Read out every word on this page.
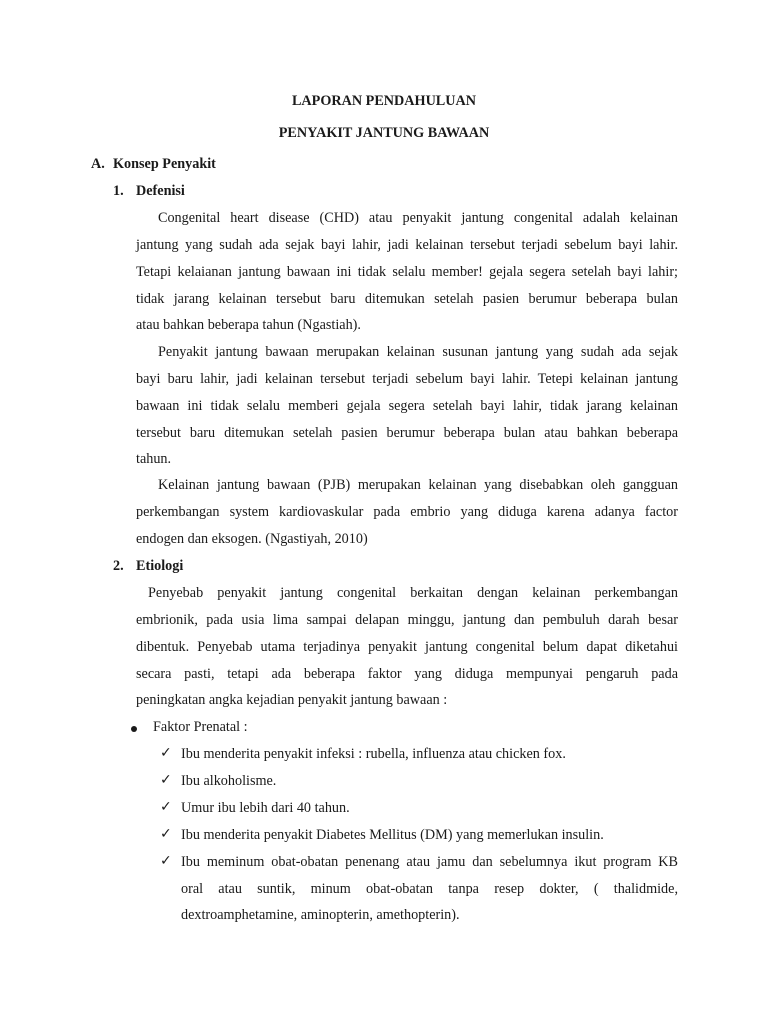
LAPORAN PENDAHULUAN
PENYAKIT JANTUNG BAWAAN
A. Konsep Penyakit
1. Defenisi
Congenital heart disease (CHD) atau penyakit jantung congenital adalah kelainan
jantung yang sudah ada sejak bayi lahir, jadi kelainan tersebut terjadi sebelum bayi lahir.
Tetapi kelaianan jantung bawaan ini tidak selalu member! gejala segera setelah bayi lahir;
tidak jarang kelainan tersebut baru ditemukan setelah pasien berumur beberapa bulan
atau bahkan beberapa tahun (Ngastiah).
Penyakit jantung bawaan merupakan kelainan susunan jantung yang sudah ada sejak
bayi baru lahir, jadi kelainan tersebut terjadi sebelum bayi lahir. Tetepi kelainan jantung
bawaan ini tidak selalu memberi gejala segera setelah bayi lahir, tidak jarang kelainan
tersebut baru ditemukan setelah pasien berumur beberapa bulan atau bahkan beberapa
tahun.
Kelainan jantung bawaan (PJB) merupakan kelainan yang disebabkan oleh gangguan
perkembangan system kardiovaskular pada embrio yang diduga karena adanya factor
endogen dan eksogen. (Ngastiyah, 2010)
2. Etiologi
Penyebab penyakit jantung congenital berkaitan dengan kelainan perkembangan
embrionik, pada usia lima sampai delapan minggu, jantung dan pembuluh darah besar
dibentuk. Penyebab utama terjadinya penyakit jantung congenital belum dapat diketahui
secara pasti, tetapi ada beberapa faktor yang diduga mempunyai pengaruh pada
peningkatan angka kejadian penyakit jantung bawaan :
Faktor Prenatal :
✓ Ibu menderita penyakit infeksi : rubella, influenza atau chicken fox.
✓ Ibu alkoholisme.
✓ Umur ibu lebih dari 40 tahun.
✓ Ibu menderita penyakit Diabetes Mellitus (DM) yang memerlukan insulin.
✓ Ibu meminum obat-obatan penenang atau jamu dan sebelumnya ikut program KB
oral atau suntik, minum obat-obatan tanpa resep dokter, ( thalidmide,
dextroamphetamine, aminopterin, amethopterin).
